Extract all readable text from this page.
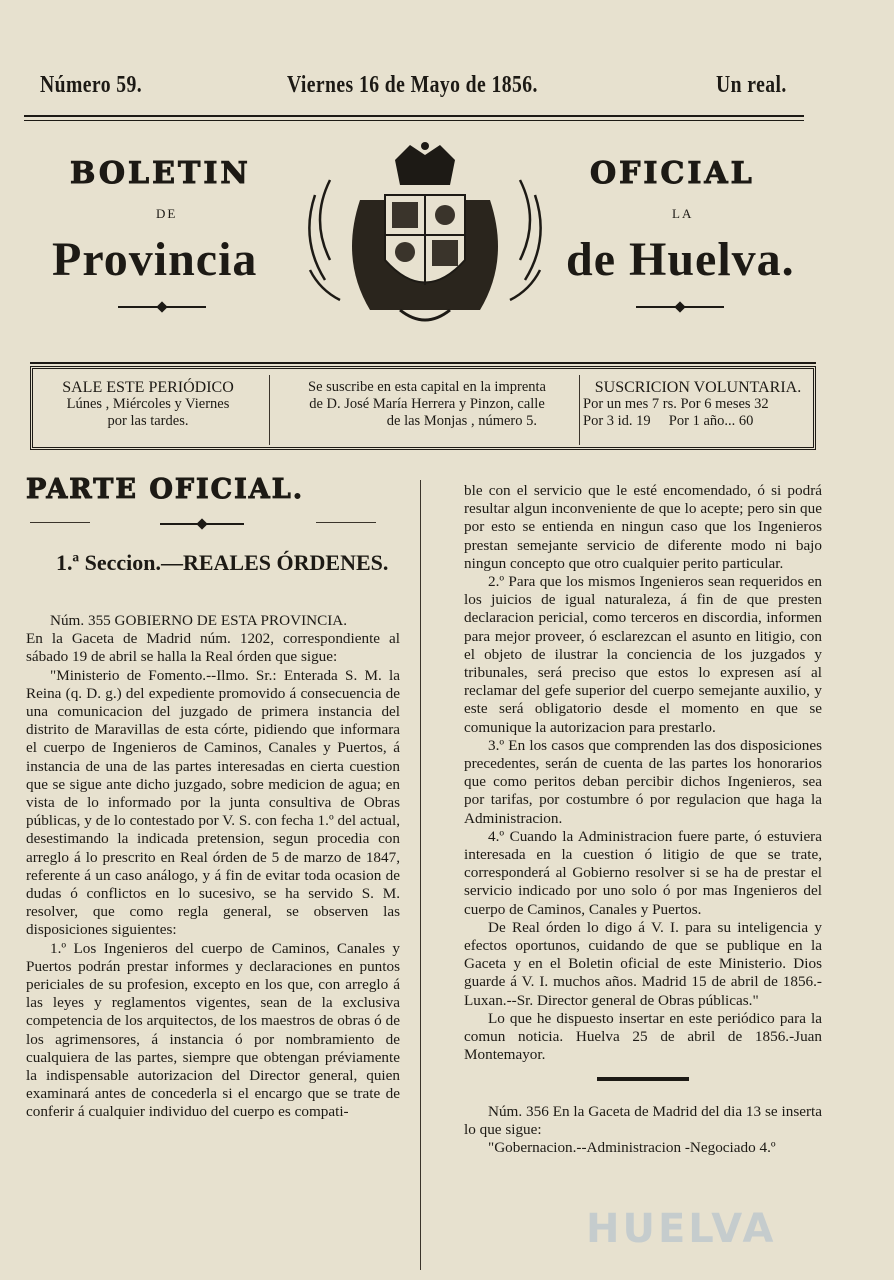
Número 59.	Viernes 16 de Mayo de 1856.	Un real.
BOLETIN	OFICIAL
DE	LA
Provincia	de Huelva.
SALE ESTE PERIÓDICO
Lúnes , Miércoles y Viernes
por las tardes.
Se suscribe en esta capital en la imprenta
de D. José María Herrera y Pinzon, calle
de las Monjas , número 5.
SUSCRICION VOLUNTARIA.
Por un mes 7 rs. Por 6 meses 32
Por 3 id. 19     Por 1 año... 60
PARTE OFICIAL.
1.ª Seccion.—REALES ÓRDENES.

Núm. 355 GOBIERNO DE ESTA PROVINCIA.

En la Gaceta de Madrid núm. 1202, correspondiente al sábado 19 de abril se halla la Real órden que sigue:

"Ministerio de Fomento.--Ilmo. Sr.: Enterada S. M. la Reina (q. D. g.) del expediente promovido á consecuencia de una comunicacion del juzgado de primera instancia del distrito de Maravillas de esta córte, pidiendo que informara el cuerpo de Ingenieros de Caminos, Canales y Puertos, á instancia de una de las partes interesadas en cierta cuestion que se sigue ante dicho juzgado, sobre medicion de agua; en vista de lo informado por la junta consultiva de Obras públicas, y de lo contestado por V. S. con fecha 1.º del actual, desestimando la indicada pretension, segun procedia con arreglo á lo prescrito en Real órden de 5 de marzo de 1847, referente á un caso análogo, y á fin de evitar toda ocasion de dudas ó conflictos en lo sucesivo, se ha servido S. M. resolver, que como regla general, se observen las disposiciones siguientes:

1.º Los Ingenieros del cuerpo de Caminos, Canales y Puertos podrán prestar informes y declaraciones en puntos periciales de su profesion, excepto en los que, con arreglo á las leyes y reglamentos vigentes, sean de la exclusiva competencia de los arquitectos, de los maestros de obras ó de los agrimensores, á instancia ó por nombramiento de cualquiera de las partes, siempre que obtengan préviamente la indispensable autorizacion del Director general, quien examinará antes de concederla si el encargo que se trate de conferir á cualquier individuo del cuerpo es compati-

ble con el servicio que le esté encomendado, ó si podrá resultar algun inconveniente de que lo acepte; pero sin que por esto se entienda en ningun caso que los Ingenieros prestan semejante servicio de diferente modo ni bajo ningun concepto que otro cualquier perito particular.

2.º Para que los mismos Ingenieros sean requeridos en los juicios de igual naturaleza, á fin de que presten declaracion pericial, como terceros en discordia, informen para mejor proveer, ó esclarezcan el asunto en litigio, con el objeto de ilustrar la conciencia de los juzgados y tribunales, será preciso que estos lo expresen así al reclamar del gefe superior del cuerpo semejante auxilio, y este será obligatorio desde el momento en que se comunique la autorizacion para prestarlo.

3.º En los casos que comprenden las dos disposiciones precedentes, serán de cuenta de las partes los honorarios que como peritos deban percibir dichos Ingenieros, sea por tarifas, por costumbre ó por regulacion que haga la Administracion.

4.º Cuando la Administracion fuere parte, ó estuviera interesada en la cuestion ó litigio de que se trate, corresponderá al Gobierno resolver si se ha de prestar el servicio indicado por uno solo ó por mas Ingenieros del cuerpo de Caminos, Canales y Puertos.

De Real órden lo digo á V. I. para su inteligencia y efectos oportunos, cuidando de que se publique en la Gaceta y en el Boletin oficial de este Ministerio. Dios guarde á V. I. muchos años. Madrid 15 de abril de 1856.-Luxan.--Sr. Director general de Obras públicas."

Lo que he dispuesto insertar en este periódico para la comun noticia. Huelva 25 de abril de 1856.-Juan Montemayor.

Núm. 356 En la Gaceta de Madrid del dia 13 se inserta lo que sigue:

"Gobernacion.--Administracion -Negociado 4.º

HUELVA
